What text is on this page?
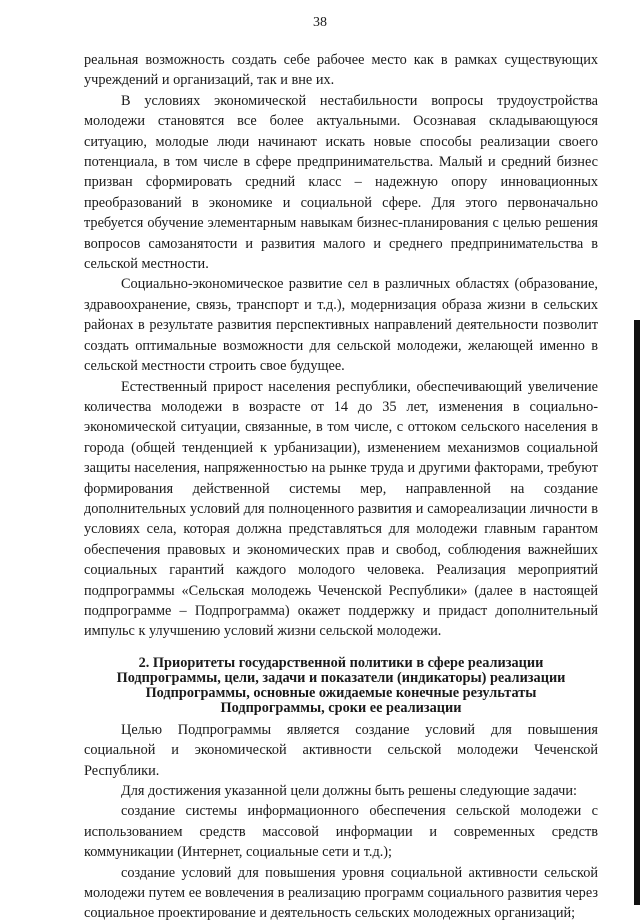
38

реальная возможность создать себе рабочее место как в рамках существующих учреждений и организаций, так и вне их.

В условиях экономической нестабильности вопросы трудоустройства молодежи становятся все более актуальными. Осознавая складывающуюся ситуацию, молодые люди начинают искать новые способы реализации своего потенциала, в том числе в сфере предпринимательства. Малый и средний бизнес призван сформировать средний класс – надежную опору инновационных преобразований в экономике и социальной сфере. Для этого первоначально требуется обучение элементарным навыкам бизнес-планирования с целью решения вопросов самозанятости и развития малого и среднего предпринимательства в сельской местности.

Социально-экономическое развитие сел в различных областях (образование, здравоохранение, связь, транспорт и т.д.), модернизация образа жизни в сельских районах в результате развития перспективных направлений деятельности позволит создать оптимальные возможности для сельской молодежи, желающей именно в сельской местности строить свое будущее.

Естественный прирост населения республики, обеспечивающий увеличение количества молодежи в возрасте от 14 до 35 лет, изменения в социально-экономической ситуации, связанные, в том числе, с оттоком сельского населения в города (общей тенденцией к урбанизации), изменением механизмов социальной защиты населения, напряженностью на рынке труда и другими факторами, требуют формирования действенной системы мер, направленной на создание дополнительных условий для полноценного развития и самореализации личности в условиях села, которая должна представляться для молодежи главным гарантом обеспечения правовых и экономических прав и свобод, соблюдения важнейших социальных гарантий каждого молодого человека. Реализация мероприятий подпрограммы «Сельская молодежь Чеченской Республики» (далее в настоящей подпрограмме – Подпрограмма) окажет поддержку и придаст дополнительный импульс к улучшению условий жизни сельской молодежи.

2. Приоритеты государственной политики в сфере реализации
Подпрограммы, цели, задачи и показатели (индикаторы) реализации
Подпрограммы, основные ожидаемые конечные результаты
Подпрограммы, сроки ее реализации

Целью Подпрограммы является создание условий для повышения социальной и экономической активности сельской молодежи Чеченской Республики.

Для достижения указанной цели должны быть решены следующие задачи:

создание системы информационного обеспечения сельской молодежи с использованием средств массовой информации и современных средств коммуникации (Интернет, социальные сети и т.д.);

создание условий для повышения уровня социальной активности сельской молодежи путем ее вовлечения в реализацию программ социального развития через социальное проектирование и деятельность сельских молодежных организаций;
